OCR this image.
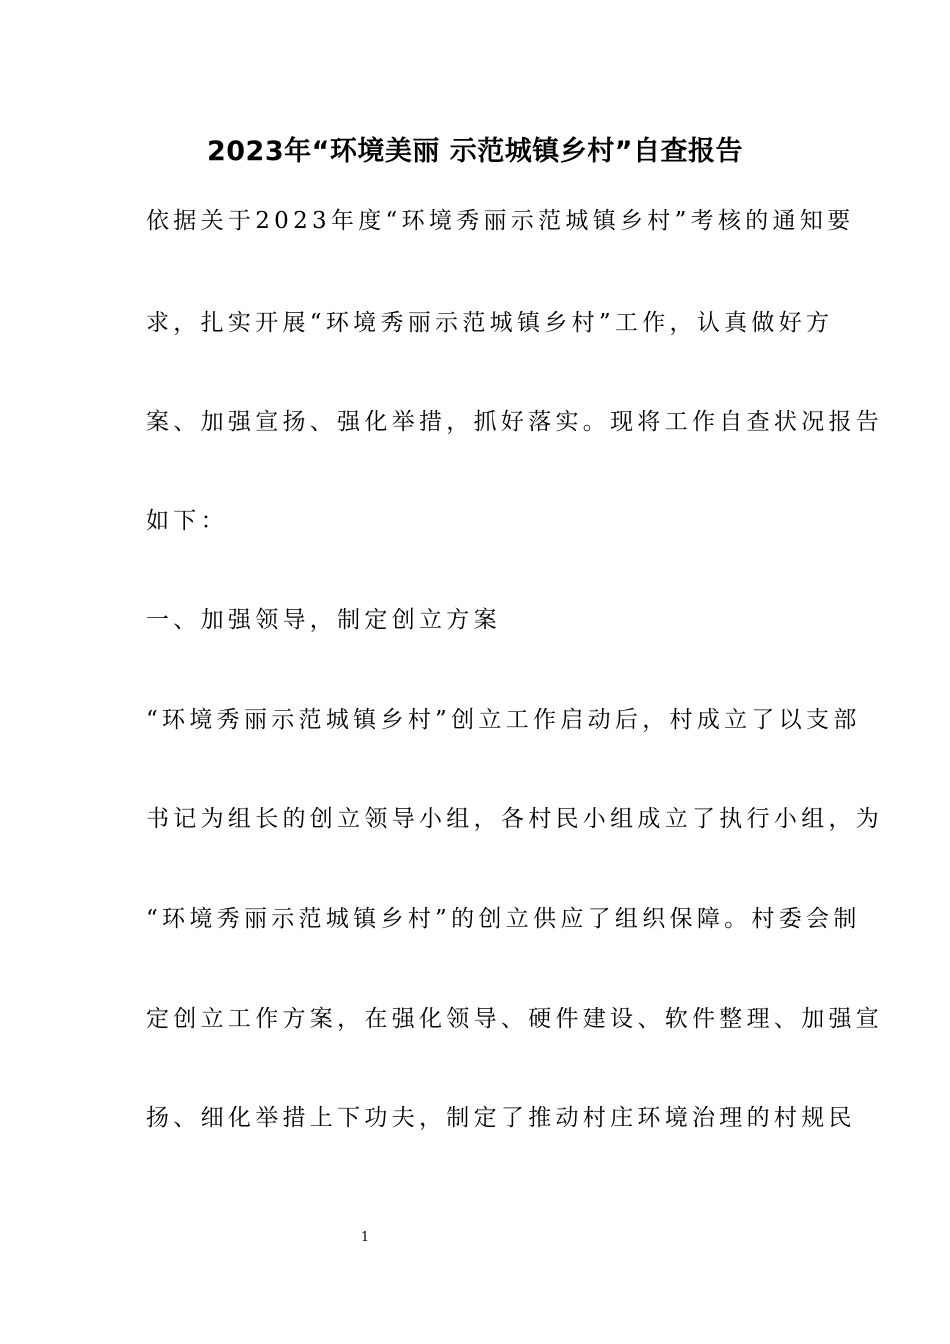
2023年“环境美丽 示范城镇乡村”自查报告
依据关于2023年度“环境秀丽示范城镇乡村”考核的通知要
求，扎实开展“环境秀丽示范城镇乡村”工作，认真做好方
案、加强宣扬、强化举措，抓好落实。现将工作自查状况报告
如下：
一、加强领导，制定创立方案
“环境秀丽示范城镇乡村”创立工作启动后，村成立了以支部
书记为组长的创立领导小组，各村民小组成立了执行小组，为
“环境秀丽示范城镇乡村”的创立供应了组织保障。村委会制
定创立工作方案，在强化领导、硬件建设、软件整理、加强宣
扬、细化举措上下功夫，制定了推动村庄环境治理的村规民
1
